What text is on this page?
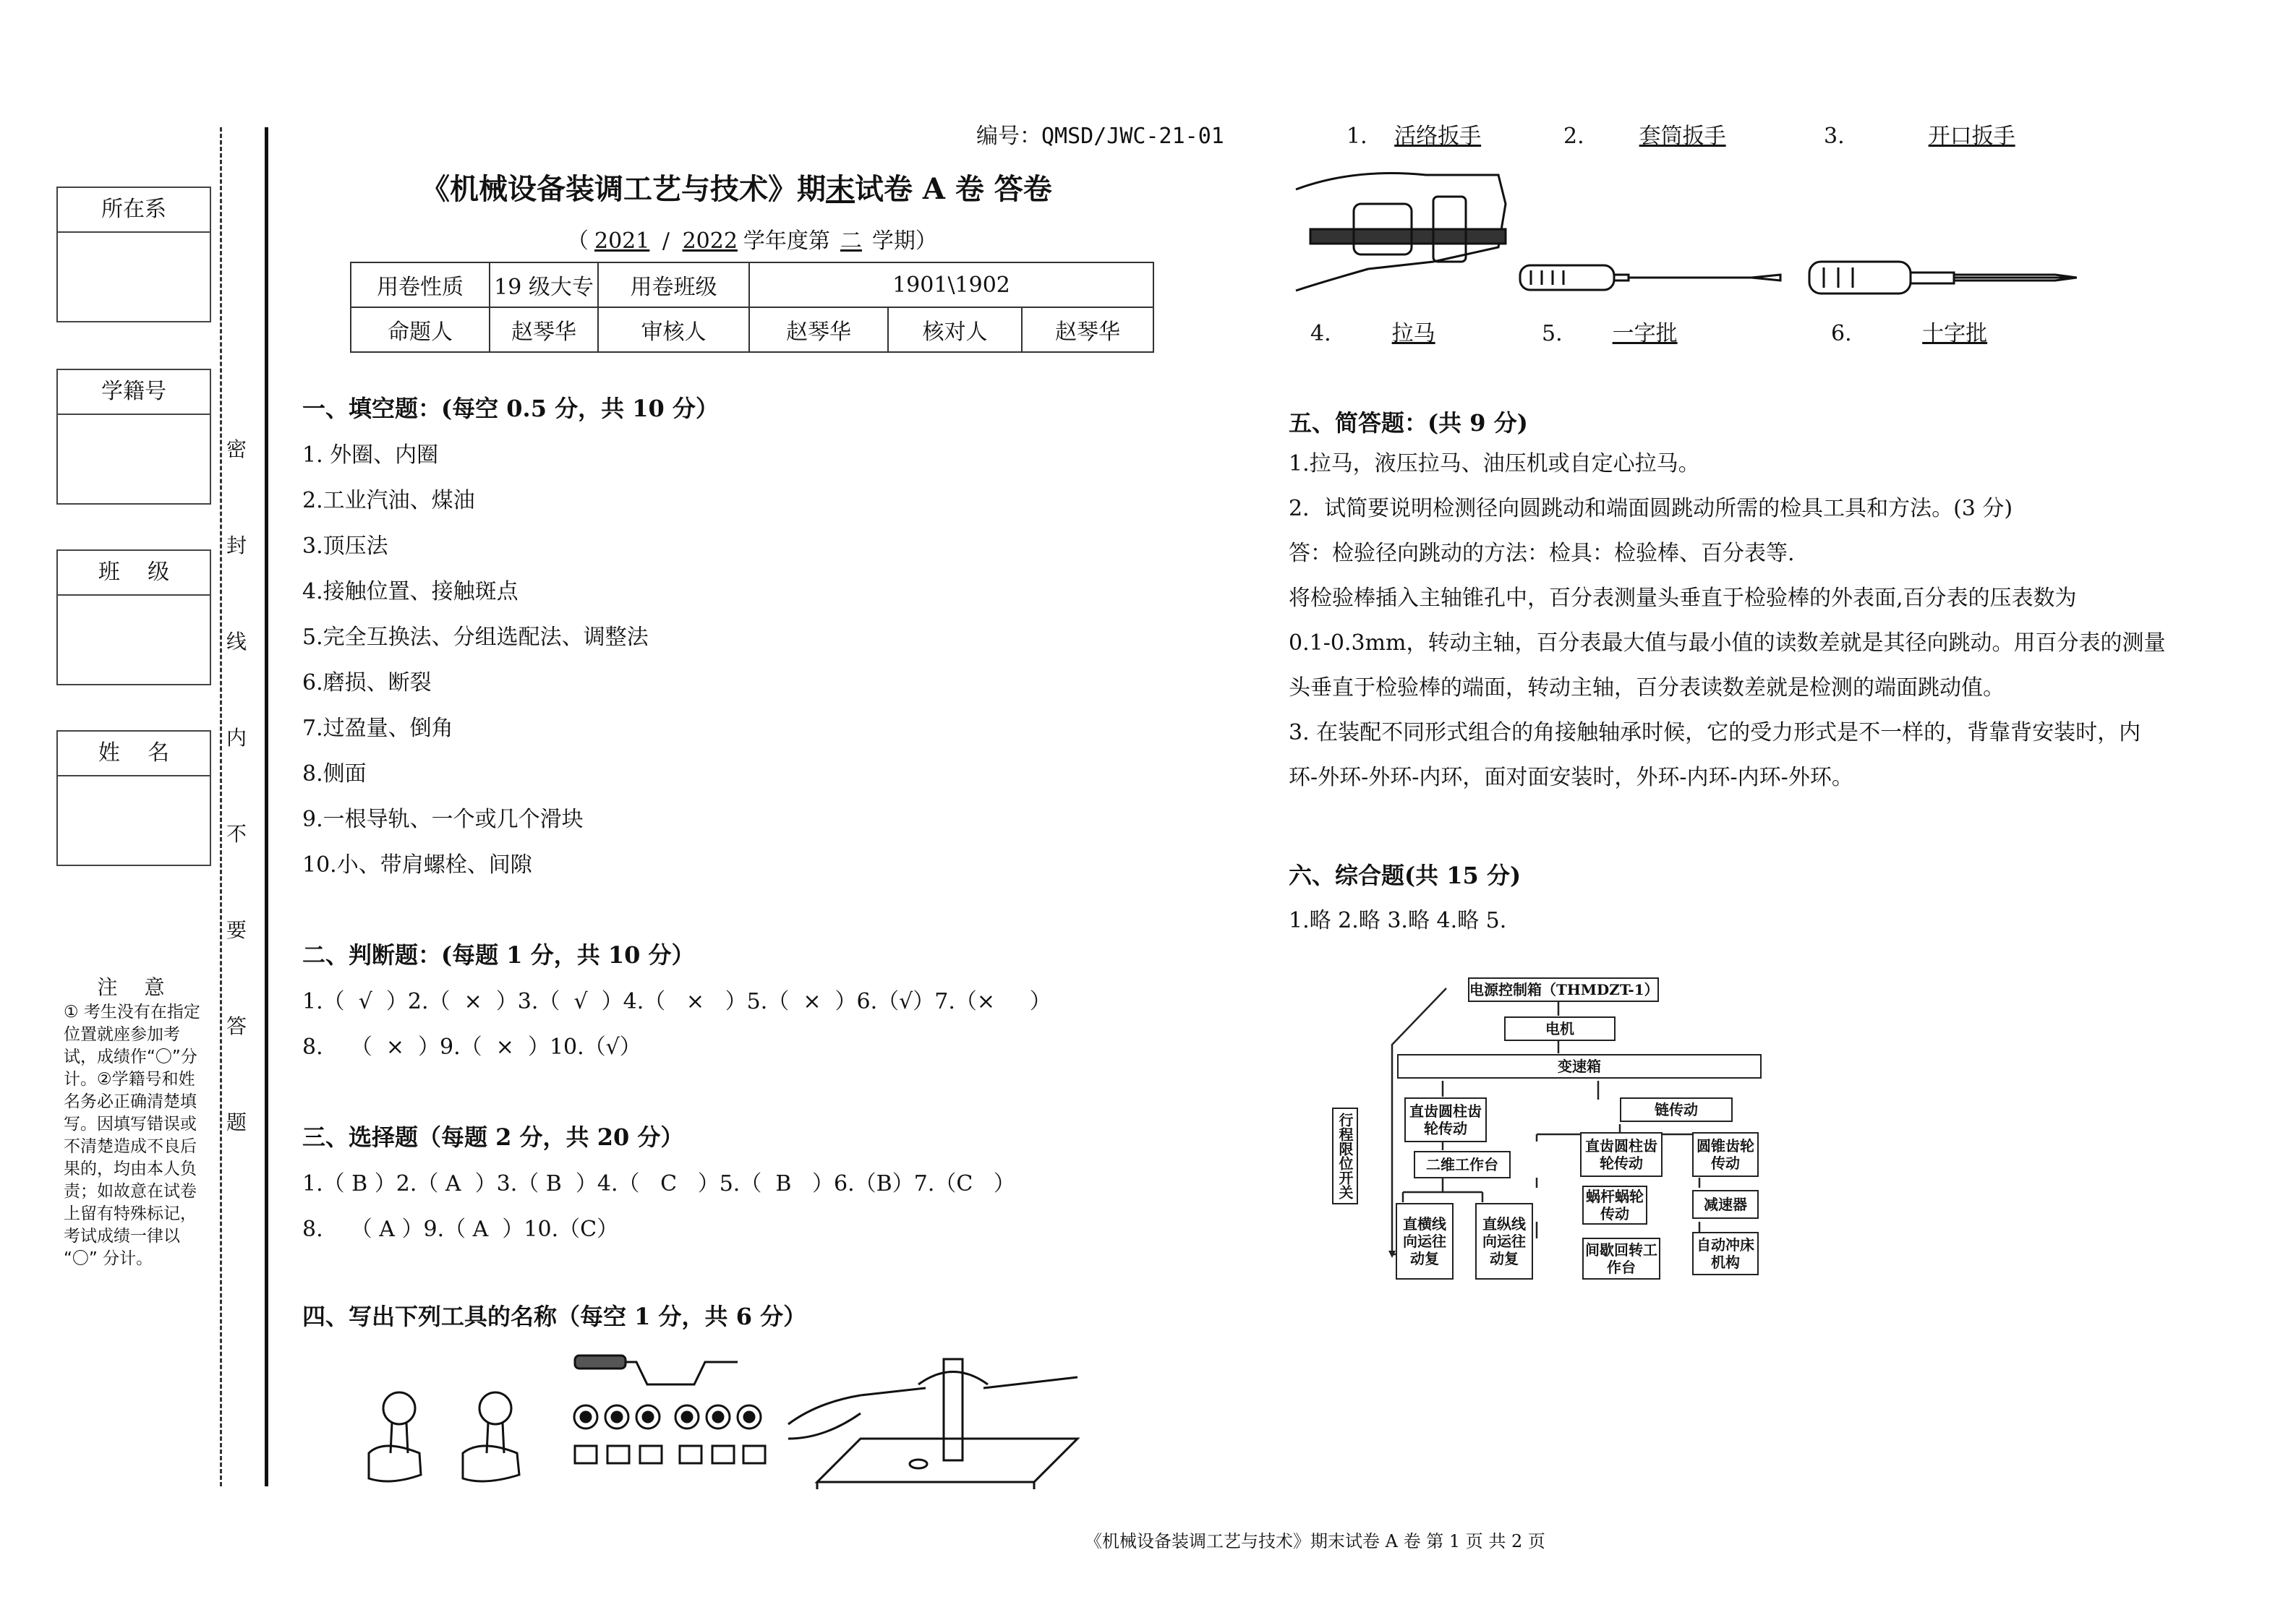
所在系
学籍号
班    级
姓    名
密
封
线
内
不
要
答
题
注 意
① 考生没有在指定位置就座参加考试，成绩作“〇”分计。②学籍号和姓名务必正确清楚填写。因填写错误或不清楚造成不良后果的，均由本人负责；如故意在试卷上留有特殊标记，考试成绩一律以 “〇” 分计。
编号：QMSD/JWC-21-01
《机械设备装调工艺与技术》期末试卷 A 卷 答卷
（ 2021 / 2022 学年度第 二 学期）
用卷性质	19 级大专	用卷班级	1901\1902		
命题人	赵琴华	审核人	赵琴华	核对人	赵琴华
一、填空题：(每空 0.5 分，共 10 分）
1. 外圈、内圈
2.工业汽油、煤油
3.顶压法
4.接触位置、接触斑点
5.完全互换法、分组选配法、调整法
6.磨损、断裂
7.过盈量、倒角
8.侧面
9.一根导轨、一个或几个滑块
10.小、带肩螺栓、间隙
二、判断题：(每题 1 分，共 10 分）
1.（  √  ）2.（  ×  ）3.（  √  ）4.（   ×   ）5.（  ×  ）6.（√）7.（×     ）
8.    （  ×  ）9.（  ×  ）10.（√）
三、选择题（每题 2 分，共 20 分）
1.（ B ）2.（ A  ）3.（ B  ）4.（   C   ）5.（  B   ）6.（B）7.（C   ）
8.    （ A ）9.（ A  ）10.（C）
四、写出下列工具的名称（每空 1 分，共 6 分）
1. 活络扳手	2.	套筒扳手	3.	开口扳手
4.	拉马	5. 一字批	6.	十字批
五、简答题：(共 9 分)
1.拉马，液压拉马、油压机或自定心拉马。
2．试简要说明检测径向圆跳动和端面圆跳动所需的检具工具和方法。(3 分)
答：检验径向跳动的方法：检具：检验棒、百分表等.
将检验棒插入主轴锥孔中，百分表测量头垂直于检验棒的外表面,百分表的压表数为
0.1-0.3mm，转动主轴，百分表最大值与最小值的读数差就是其径向跳动。用百分表的测量
头垂直于检验棒的端面，转动主轴，百分表读数差就是检测的端面跳动值。
3. 在装配不同形式组合的角接触轴承时候，它的受力形式是不一样的，背靠背安装时，内
环-外环-外环-内环，面对面安装时，外环-内环-内环-外环。
六、综合题(共 15 分)
1.略 2.略 3.略 4.略 5.
电源控制箱（THMDZT-1）
电机
变速箱
行程限位开关
直齿圆柱齿轮传动
链传动
二维工作台
直齿圆柱齿轮传动
圆锥齿轮传动
蜗杆蜗轮传动
减速器
直横线向运往动复
直纵线向运往动复	间歇回转工作台
自动冲床机构
《机械设备装调工艺与技术》期末试卷 A 卷 第 1 页 共 2 页
